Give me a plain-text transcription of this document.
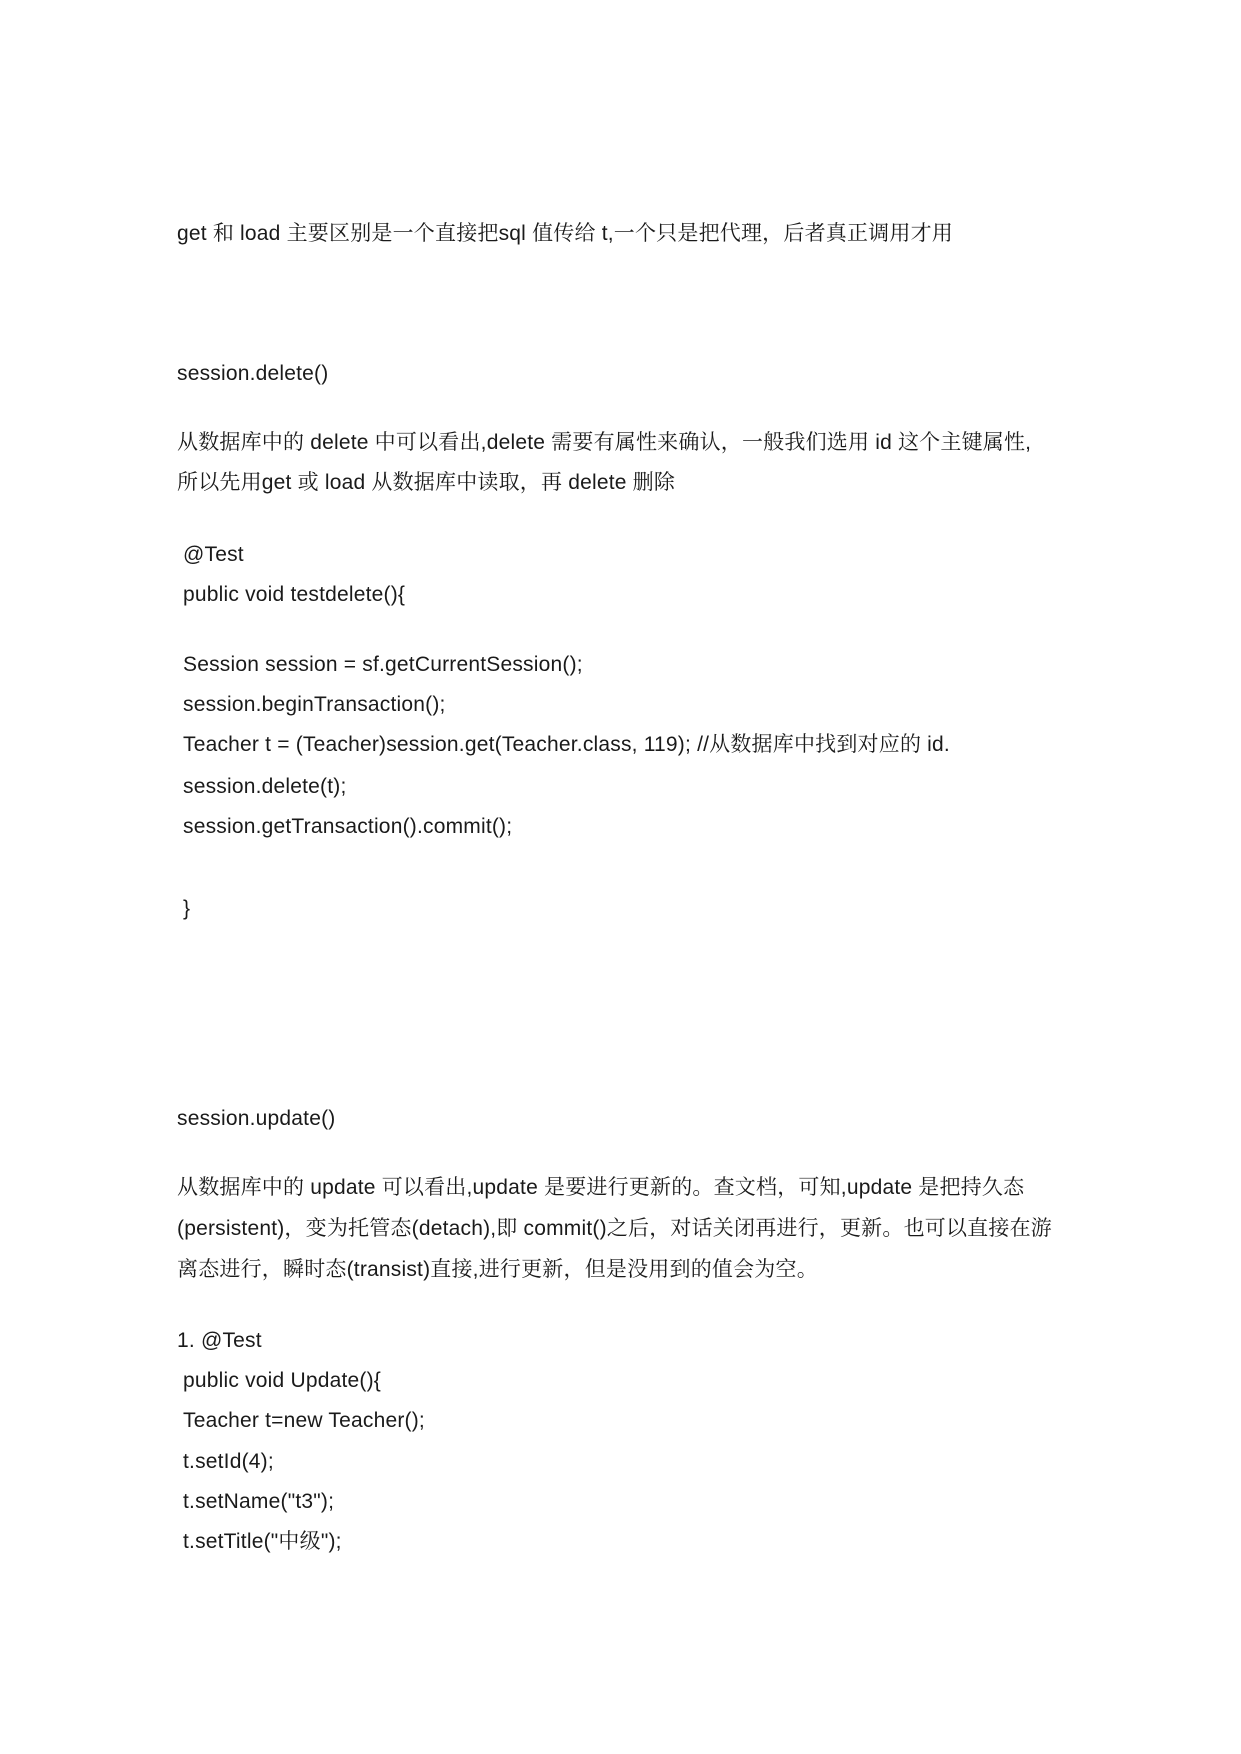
get 和 load 主要区别是一个直接把sql 值传给 t,一个只是把代理，后者真正调用才用
session.delete()
从数据库中的 delete 中可以看出,delete 需要有属性来确认，一般我们选用 id 这个主键属性,
所以先用get 或 load 从数据库中读取，再 delete 删除
@Test
public void testdelete(){
Session session = sf.getCurrentSession();
session.beginTransaction();
Teacher t = (Teacher)session.get(Teacher.class, 119); //从数据库中找到对应的 id.
session.delete(t);
session.getTransaction().commit();
}
session.update()
从数据库中的 update 可以看出,update 是要进行更新的。查文档，可知,update 是把持久态
(persistent)，变为托管态(detach),即 commit()之后，对话关闭再进行，更新。也可以直接在游
离态进行，瞬时态(transist)直接,进行更新，但是没用到的值会为空。
1. @Test
public void Update(){
Teacher t=new Teacher();
t.setId(4);
t.setName("t3");
t.setTitle("中级");
